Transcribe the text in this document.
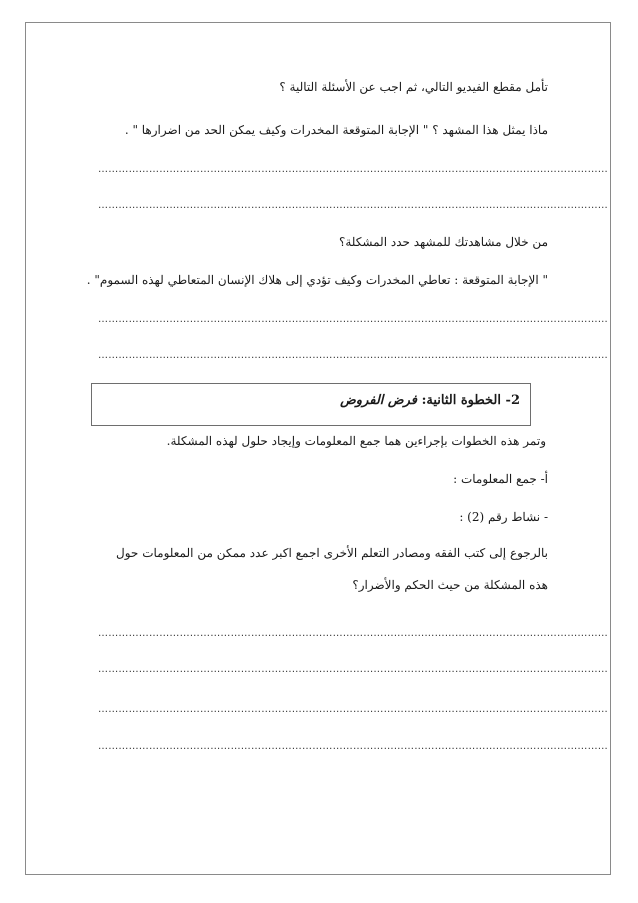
تأمل مقطع الفيديو التالي، ثم اجب عن الأسئلة التالية ؟
ماذا يمثل هذا المشهد ؟ " الإجابة المتوقعة المخدرات وكيف يمكن الحد من اضرارها " .
……………………………………………………………………………………………………………………………………
……………………………………………………………………………………………………………………………………
من خلال مشاهدتك للمشهد حدد المشكلة؟
" الإجابة المتوقعة : تعاطي المخدرات وكيف تؤدي إلى هلاك الإنسان المتعاطي لهذه السموم" .
……………………………………………………………………………………………………………………………………
……………………………………………………………………………………………………………………………………
2- الخطوة الثانية: فرض الفروض
وتمر هذه الخطوات بإجراءين هما جمع المعلومات وإيجاد حلول لهذه المشكلة.
أ- جمع المعلومات :
- نشاط رقم (2) :
بالرجوع إلى كتب الفقه ومصادر التعلم الأخرى اجمع اكبر عدد ممكن من المعلومات حول هذه المشكلة من حيث الحكم والأضرار؟
……………………………………………………………………………………………………………………………………
……………………………………………………………………………………………………………………………………
……………………………………………………………………………………………………………………………………
……………………………………………………………………………………………………………………………………
